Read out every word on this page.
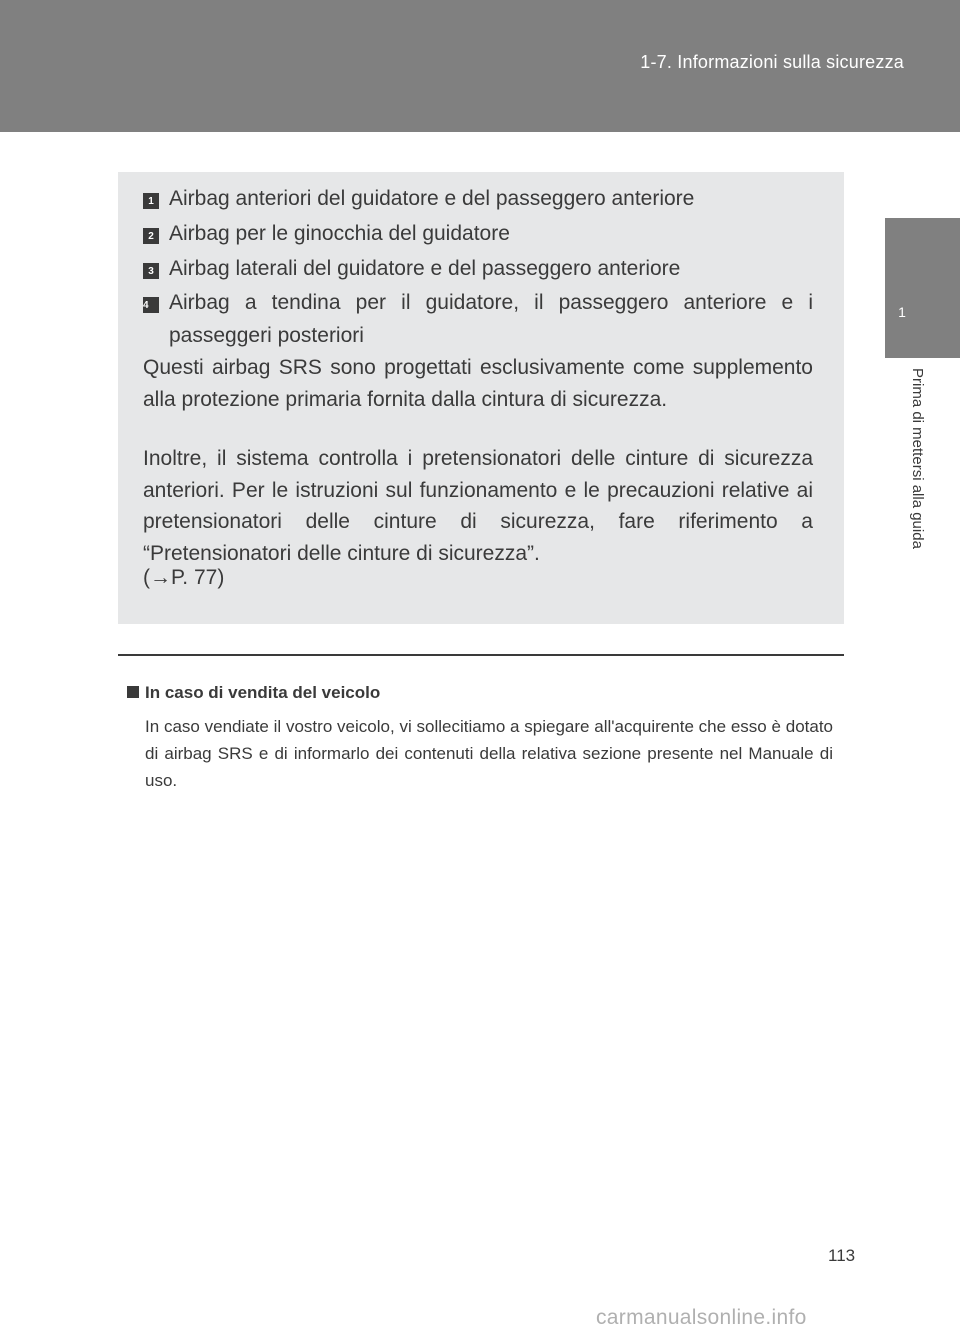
1-7. Informazioni sulla sicurezza
1
Prima di mettersi alla guida
1 Airbag anteriori del guidatore e del passeggero anteriore
2 Airbag per le ginocchia del guidatore
3 Airbag laterali del guidatore e del passeggero anteriore
4 Airbag a tendina per il guidatore, il passeggero anteriore e i
passeggeri posteriori
Questi airbag SRS sono progettati esclusivamente come supplemento alla protezione primaria fornita dalla cintura di sicurezza.
Inoltre, il sistema controlla i pretensionatori delle cinture di sicurezza anteriori. Per le istruzioni sul funzionamento e le precauzioni relative ai pretensionatori delle cinture di sicurezza, fare riferimento a “Pretensionatori delle cinture di sicurezza”.
(→P. 77)
In caso di vendita del veicolo
In caso vendiate il vostro veicolo, vi sollecitiamo a spiegare all'acquirente che esso è dotato di airbag SRS e di informarlo dei contenuti della relativa sezione presente nel Manuale di uso.
113
carmanualsonline.info
